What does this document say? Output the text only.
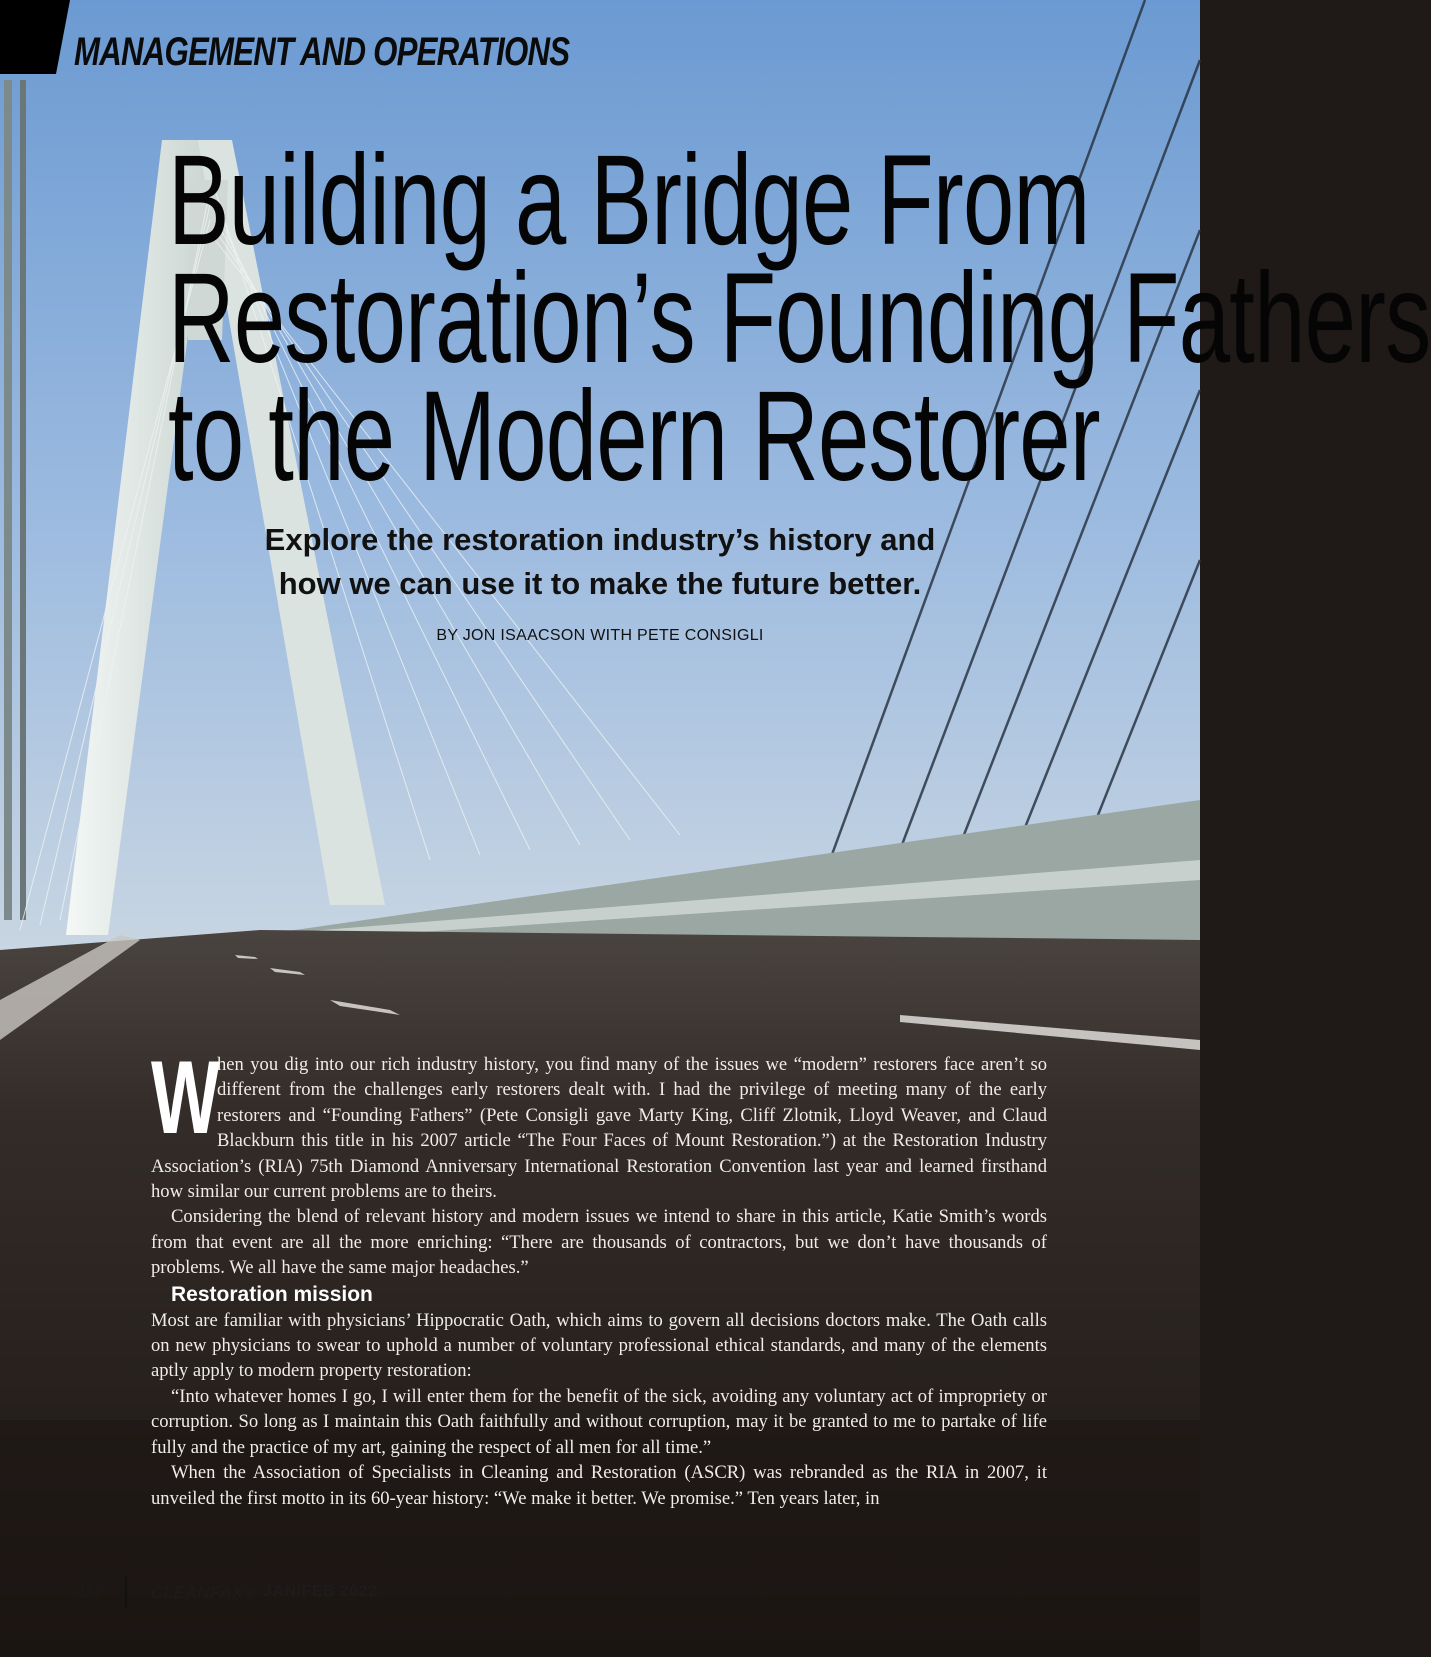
MANAGEMENT AND OPERATIONS
Building a Bridge From
Restoration’s Founding Fathers
to the Modern Restorer
Explore the restoration industry’s history and
how we can use it to make the future better.
BY JON ISAACSON WITH PETE CONSIGLI

W
hen you dig into our rich industry history, you find many of the issues we “modern” restorers face aren’t so different from the challenges early restorers dealt with. I had the privilege of meeting many of the early restorers and “Founding Fathers” (Pete Consigli gave Marty King, Cliff Zlotnik, Lloyd Weaver, and Claud Blackburn this title in his 2007 article “The Four Faces of Mount Restoration.”) at the Restoration Industry Association’s (RIA) 75th Diamond Anniversary International Restoration Convention last year and learned firsthand how similar our current problems are to theirs.

Considering the blend of relevant history and modern issues we intend to share in this article, Katie Smith’s words from that event are all the more enriching: “There are thousands of contractors, but we don’t have thousands of problems. We all have the same major headaches.”

Restoration mission

Most are familiar with physicians’ Hippocratic Oath, which aims to govern all decisions doctors make. The Oath calls on new physicians to swear to uphold a number of voluntary professional ethical standards, and many of the elements aptly apply to modern property restoration:

“Into whatever homes I go, I will enter them for the benefit of the sick, avoiding any voluntary act of impropriety or corruption. So long as I maintain this Oath faithfully and without corruption, may it be granted to me to partake of life fully and the practice of my art, gaining the respect of all men for all time.”

When the Association of Specialists in Cleaning and Restoration (ASCR) was rebranded as the RIA in 2007, it unveiled the first motto in its 60-year history: “We make it better. We promise.” Ten years later, in

10	CLEANFAX® JAN/FEB 2022
